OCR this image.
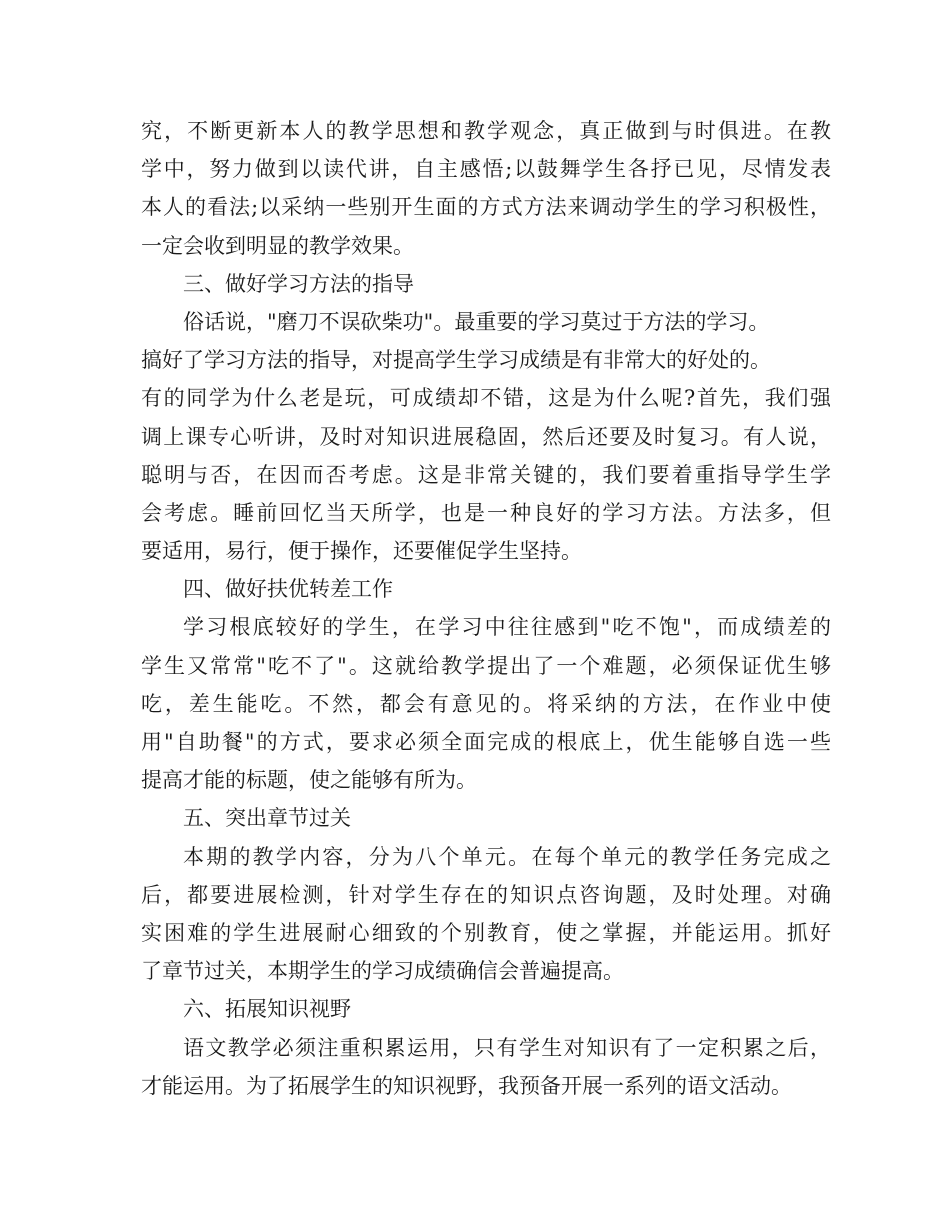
究，不断更新本人的教学思想和教学观念，真正做到与时俱进。在教
学中，努力做到以读代讲，自主感悟;以鼓舞学生各抒已见，尽情发表
本人的看法;以采纳一些别开生面的方式方法来调动学生的学习积极性，
一定会收到明显的教学效果。
三、做好学习方法的指导
俗话说，"磨刀不误砍柴功"。最重要的学习莫过于方法的学习。
搞好了学习方法的指导，对提高学生学习成绩是有非常大的好处的。
有的同学为什么老是玩，可成绩却不错，这是为什么呢?首先，我们强
调上课专心听讲，及时对知识进展稳固，然后还要及时复习。有人说，
聪明与否，在因而否考虑。这是非常关键的，我们要着重指导学生学
会考虑。睡前回忆当天所学，也是一种良好的学习方法。方法多，但
要适用，易行，便于操作，还要催促学生坚持。
四、做好扶优转差工作
学习根底较好的学生，在学习中往往感到"吃不饱"，而成绩差的
学生又常常"吃不了"。这就给教学提出了一个难题，必须保证优生够
吃，差生能吃。不然，都会有意见的。将采纳的方法，在作业中使
用"自助餐"的方式，要求必须全面完成的根底上，优生能够自选一些
提高才能的标题，使之能够有所为。
五、突出章节过关
本期的教学内容，分为八个单元。在每个单元的教学任务完成之
后，都要进展检测，针对学生存在的知识点咨询题，及时处理。对确
实困难的学生进展耐心细致的个别教育，使之掌握，并能运用。抓好
了章节过关，本期学生的学习成绩确信会普遍提高。
六、拓展知识视野
语文教学必须注重积累运用，只有学生对知识有了一定积累之后，
才能运用。为了拓展学生的知识视野，我预备开展一系列的语文活动。
